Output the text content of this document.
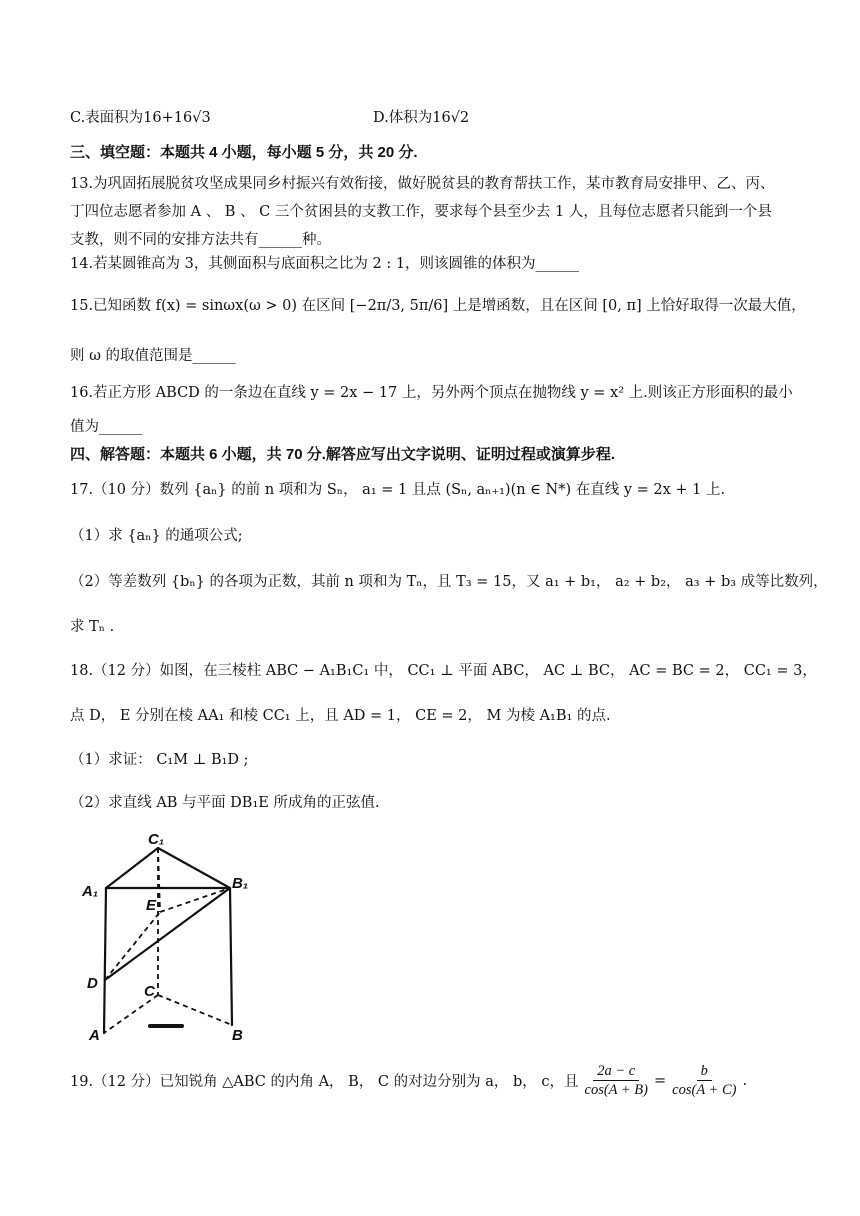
C.表面积为16+16√3	D.体积为16√2
三、填空题：本题共 4 小题，每小题 5 分，共 20 分.
13.为巩固拓展脱贫攻坚成果同乡村振兴有效衔接，做好脱贫县的教育帮扶工作，某市教育局安排甲、乙、丙、
丁四位志愿者参加 A 、 B 、 C 三个贫困县的支教工作，要求每个县至少去 1 人，且每位志愿者只能到一个县
支教，则不同的安排方法共有______种。
14.若某圆锥高为 3，其侧面积与底面积之比为 2 : 1，则该圆锥的体积为______
15.已知函数 f(x) = sinωx(ω > 0) 在区间 [−2π/3, 5π/6] 上是增函数，且在区间 [0, π] 上恰好取得一次最大值，
则 ω 的取值范围是______
16.若正方形 ABCD 的一条边在直线 y = 2x − 17 上，另外两个顶点在抛物线 y = x² 上.则该正方形面积的最小
值为______
四、解答题：本题共 6 小题，共 70 分.解答应写出文字说明、证明过程或演算步程.
17.（10 分）数列 {aₙ} 的前 n 项和为 Sₙ， a₁ = 1 且点 (Sₙ, aₙ₊₁)(n ∈ N*) 在直线 y = 2x + 1 上.
（1）求 {aₙ} 的通项公式;
（2）等差数列 {bₙ} 的各项为正数，其前 n 项和为 Tₙ，且 T₃ = 15，又 a₁ + b₁， a₂ + b₂， a₃ + b₃ 成等比数列，
求 Tₙ .
18.（12 分）如图，在三棱柱 ABC − A₁B₁C₁ 中， CC₁ ⊥ 平面 ABC， AC ⊥ BC， AC = BC = 2， CC₁ = 3，
点 D， E 分别在棱 AA₁ 和棱 CC₁ 上，且 AD = 1， CE = 2， M 为棱 A₁B₁ 的点.
（1）求证： C₁M ⊥ B₁D ;
（2）求直线 AB 与平面 DB₁E 所成角的正弦值.
C₁
A₁	B₁
E
D	C
A	B
19.（12 分）已知锐角 △ABC 的内角 A， B， C 的对边分别为 a， b， c，且 $\frac{2a - c}{\cos(A + B)} = \frac{b}{\cos(A + C)}$ .
